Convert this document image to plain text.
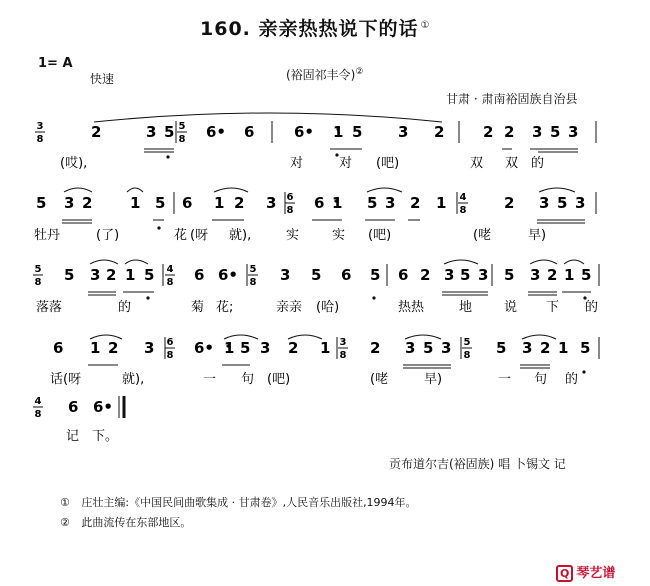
160. 亲亲热热说下的话 ①
1= A
快速	(裕固祁丰令)②
甘肃 · 肃南裕固族自治县
3
8	2	3 5 5
8 6• 6	6• 1 5 3 2	2 2 3 5 3
5 3 2	1 5 6 1 2 3 6
8 6 1 5 3 2 1 4
8	2 3 5 3
5
8 5 3 2 1 5 4
8 6 6• 5
8 3 5 6 5 6 2 3 5 3 5 3 2 1 5
6 1 2 3 6
8 6• 1 5 3 2 1 3
8 2 3 5 3 5
8 5 3 2 1 5
4
8 6 6•
(哎),	对	对 (吧)	双 双 的
牡丹	(了)	花 (呀 就),	实	实 (吧)	(咾	早)
落落	的	菊 花;	亲亲 (哈)	热热	地 说 下 的
话(呀	就),	一 句 (吧)	(咾	早)	一 句 的
记 下。
贡布道尔吉(裕固族) 唱 卜锡文 记
① 庄壮主编:《中国民间曲歌集成 · 甘肃卷》,人民音乐出版社,1994年。
② 此曲流传在东部地区。
Q 琴艺谱
